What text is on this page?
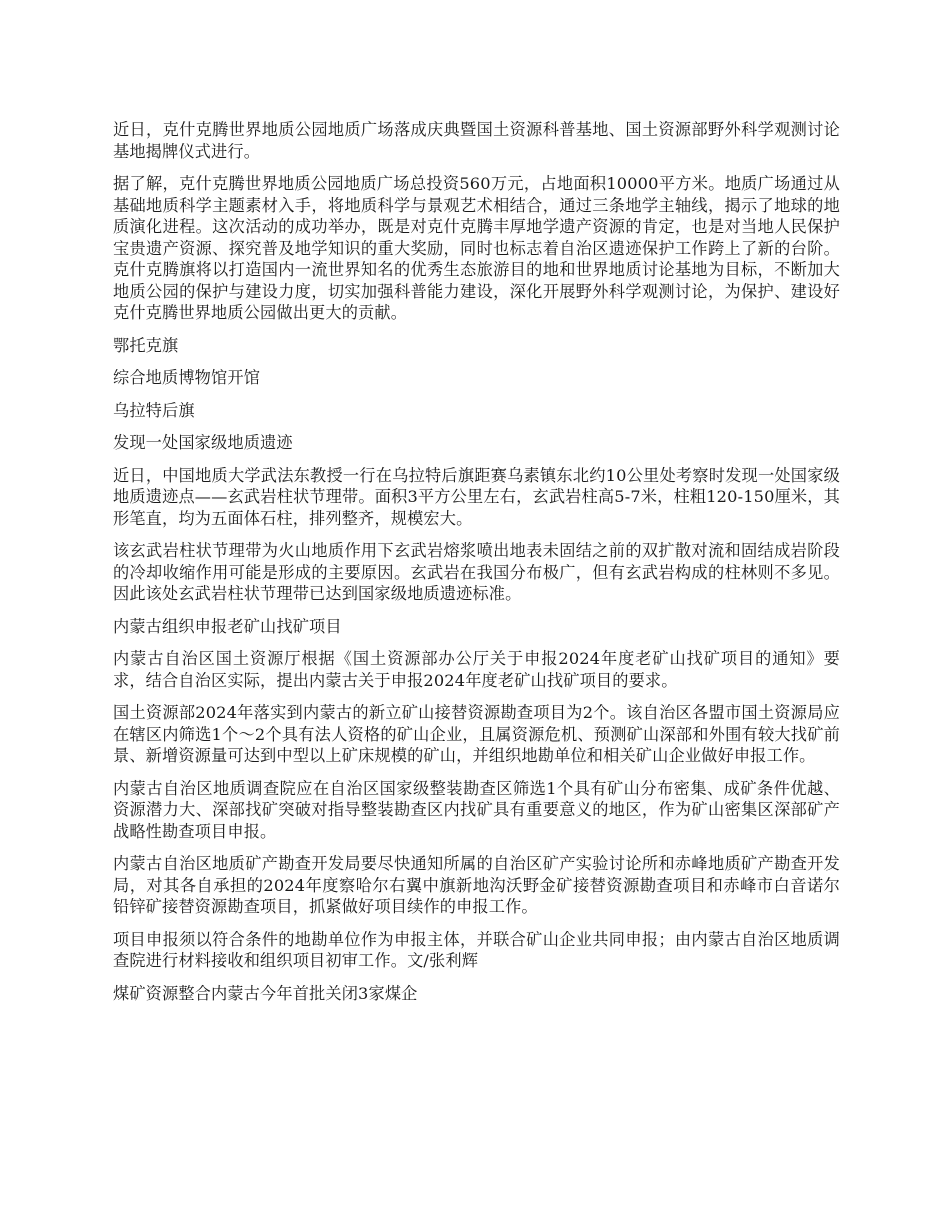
近日，克什克腾世界地质公园地质广场落成庆典暨国土资源科普基地、国土资源部野外科学观测讨论基地揭牌仪式进行。

据了解，克什克腾世界地质公园地质广场总投资560万元，占地面积10000平方米。地质广场通过从基础地质科学主题素材入手，将地质科学与景观艺术相结合，通过三条地学主轴线，揭示了地球的地质演化进程。这次活动的成功举办，既是对克什克腾丰厚地学遗产资源的肯定，也是对当地人民保护宝贵遗产资源、探究普及地学知识的重大奖励，同时也标志着自治区遗迹保护工作跨上了新的台阶。克什克腾旗将以打造国内一流世界知名的优秀生态旅游目的地和世界地质讨论基地为目标，不断加大地质公园的保护与建设力度，切实加强科普能力建设，深化开展野外科学观测讨论，为保护、建设好克什克腾世界地质公园做出更大的贡献。

鄂托克旗

综合地质博物馆开馆

乌拉特后旗

发现一处国家级地质遗迹

近日，中国地质大学武法东教授一行在乌拉特后旗距赛乌素镇东北约10公里处考察时发现一处国家级地质遗迹点——玄武岩柱状节理带。面积3平方公里左右，玄武岩柱高5-7米，柱粗120-150厘米，其形笔直，均为五面体石柱，排列整齐，规模宏大。

该玄武岩柱状节理带为火山地质作用下玄武岩熔浆喷出地表未固结之前的双扩散对流和固结成岩阶段的冷却收缩作用可能是形成的主要原因。玄武岩在我国分布极广，但有玄武岩构成的柱林则不多见。因此该处玄武岩柱状节理带已达到国家级地质遗迹标准。

内蒙古组织申报老矿山找矿项目

内蒙古自治区国土资源厅根据《国土资源部办公厅关于申报2024年度老矿山找矿项目的通知》要求，结合自治区实际，提出内蒙古关于申报2024年度老矿山找矿项目的要求。

国土资源部2024年落实到内蒙古的新立矿山接替资源勘查项目为2个。该自治区各盟市国土资源局应在辖区内筛选1个～2个具有法人资格的矿山企业，且属资源危机、预测矿山深部和外围有较大找矿前景、新增资源量可达到中型以上矿床规模的矿山，并组织地勘单位和相关矿山企业做好申报工作。

内蒙古自治区地质调查院应在自治区国家级整装勘查区筛选1个具有矿山分布密集、成矿条件优越、资源潜力大、深部找矿突破对指导整装勘查区内找矿具有重要意义的地区，作为矿山密集区深部矿产战略性勘查项目申报。

内蒙古自治区地质矿产勘查开发局要尽快通知所属的自治区矿产实验讨论所和赤峰地质矿产勘查开发局，对其各自承担的2024年度察哈尔右翼中旗新地沟沃野金矿接替资源勘查项目和赤峰市白音诺尔铅锌矿接替资源勘查项目，抓紧做好项目续作的申报工作。

项目申报须以符合条件的地勘单位作为申报主体，并联合矿山企业共同申报；由内蒙古自治区地质调查院进行材料接收和组织项目初审工作。文/张利辉

煤矿资源整合内蒙古今年首批关闭3家煤企
